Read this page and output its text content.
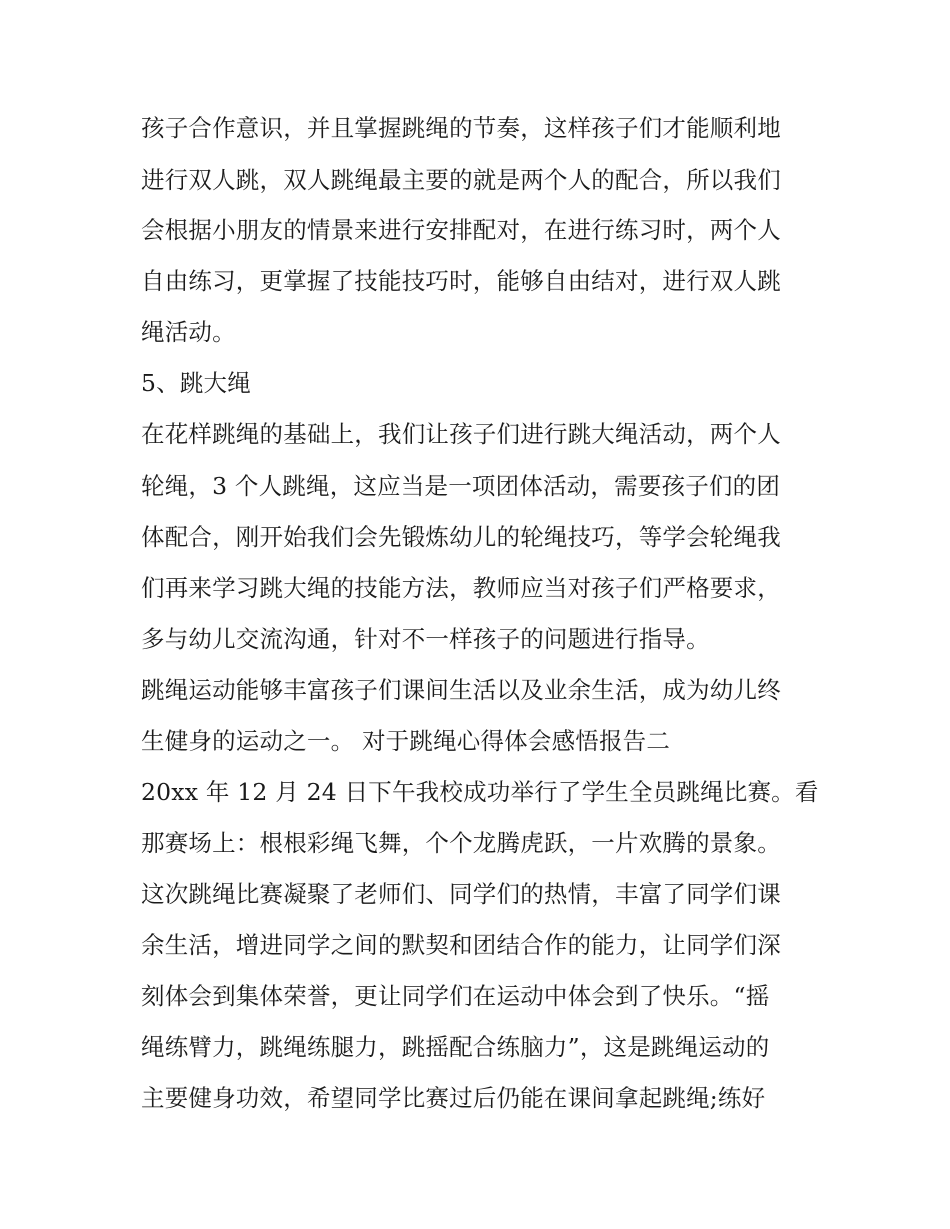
孩子合作意识，并且掌握跳绳的节奏，这样孩子们才能顺利地
进行双人跳，双人跳绳最主要的就是两个人的配合，所以我们
会根据小朋友的情景来进行安排配对，在进行练习时，两个人
自由练习，更掌握了技能技巧时，能够自由结对，进行双人跳
绳活动。
5、跳大绳
在花样跳绳的基础上，我们让孩子们进行跳大绳活动，两个人
轮绳，3 个人跳绳，这应当是一项团体活动，需要孩子们的团
体配合，刚开始我们会先锻炼幼儿的轮绳技巧，等学会轮绳我
们再来学习跳大绳的技能方法，教师应当对孩子们严格要求，
多与幼儿交流沟通，针对不一样孩子的问题进行指导。
跳绳运动能够丰富孩子们课间生活以及业余生活，成为幼儿终
生健身的运动之一。 对于跳绳心得体会感悟报告二
20xx 年 12 月 24 日下午我校成功举行了学生全员跳绳比赛。看
那赛场上：根根彩绳飞舞，个个龙腾虎跃，一片欢腾的景象。
这次跳绳比赛凝聚了老师们、同学们的热情，丰富了同学们课
余生活，增进同学之间的默契和团结合作的能力，让同学们深
刻体会到集体荣誉，更让同学们在运动中体会到了快乐。“摇
绳练臂力，跳绳练腿力，跳摇配合练脑力”，这是跳绳运动的
主要健身功效，希望同学比赛过后仍能在课间拿起跳绳;练好
